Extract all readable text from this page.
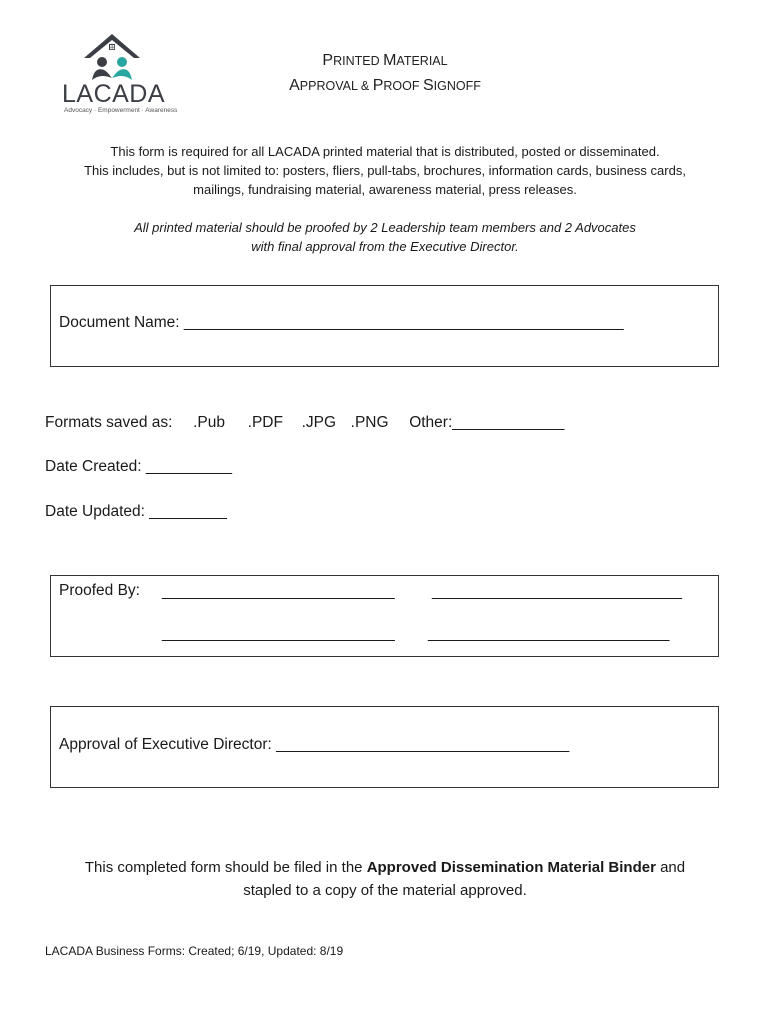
LACADA
Advocacy · Empowerment · Awareness
PRINTED MATERIAL
APPROVAL & PROOF SIGNOFF
This form is required for all LACADA printed material that is distributed, posted or disseminated.
This includes, but is not limited to: posters, fliers, pull-tabs, brochures, information cards, business cards,
mailings, fundraising material, awareness material, press releases.
All printed material should be proofed by 2 Leadership team members and 2 Advocates
with final approval from the Executive Director.
Document Name: ___________________________________________________
Formats saved as: .Pub .PDF .JPG .PNG Other:_____________
Date Created: __________
Date Updated: _________
Proofed By: ___________________________ _____________________________
___________________________ ____________________________
Approval of Executive Director: __________________________________
This completed form should be filed in the Approved Dissemination Material Binder and
stapled to a copy of the material approved.
LACADA Business Forms: Created; 6/19, Updated: 8/19
